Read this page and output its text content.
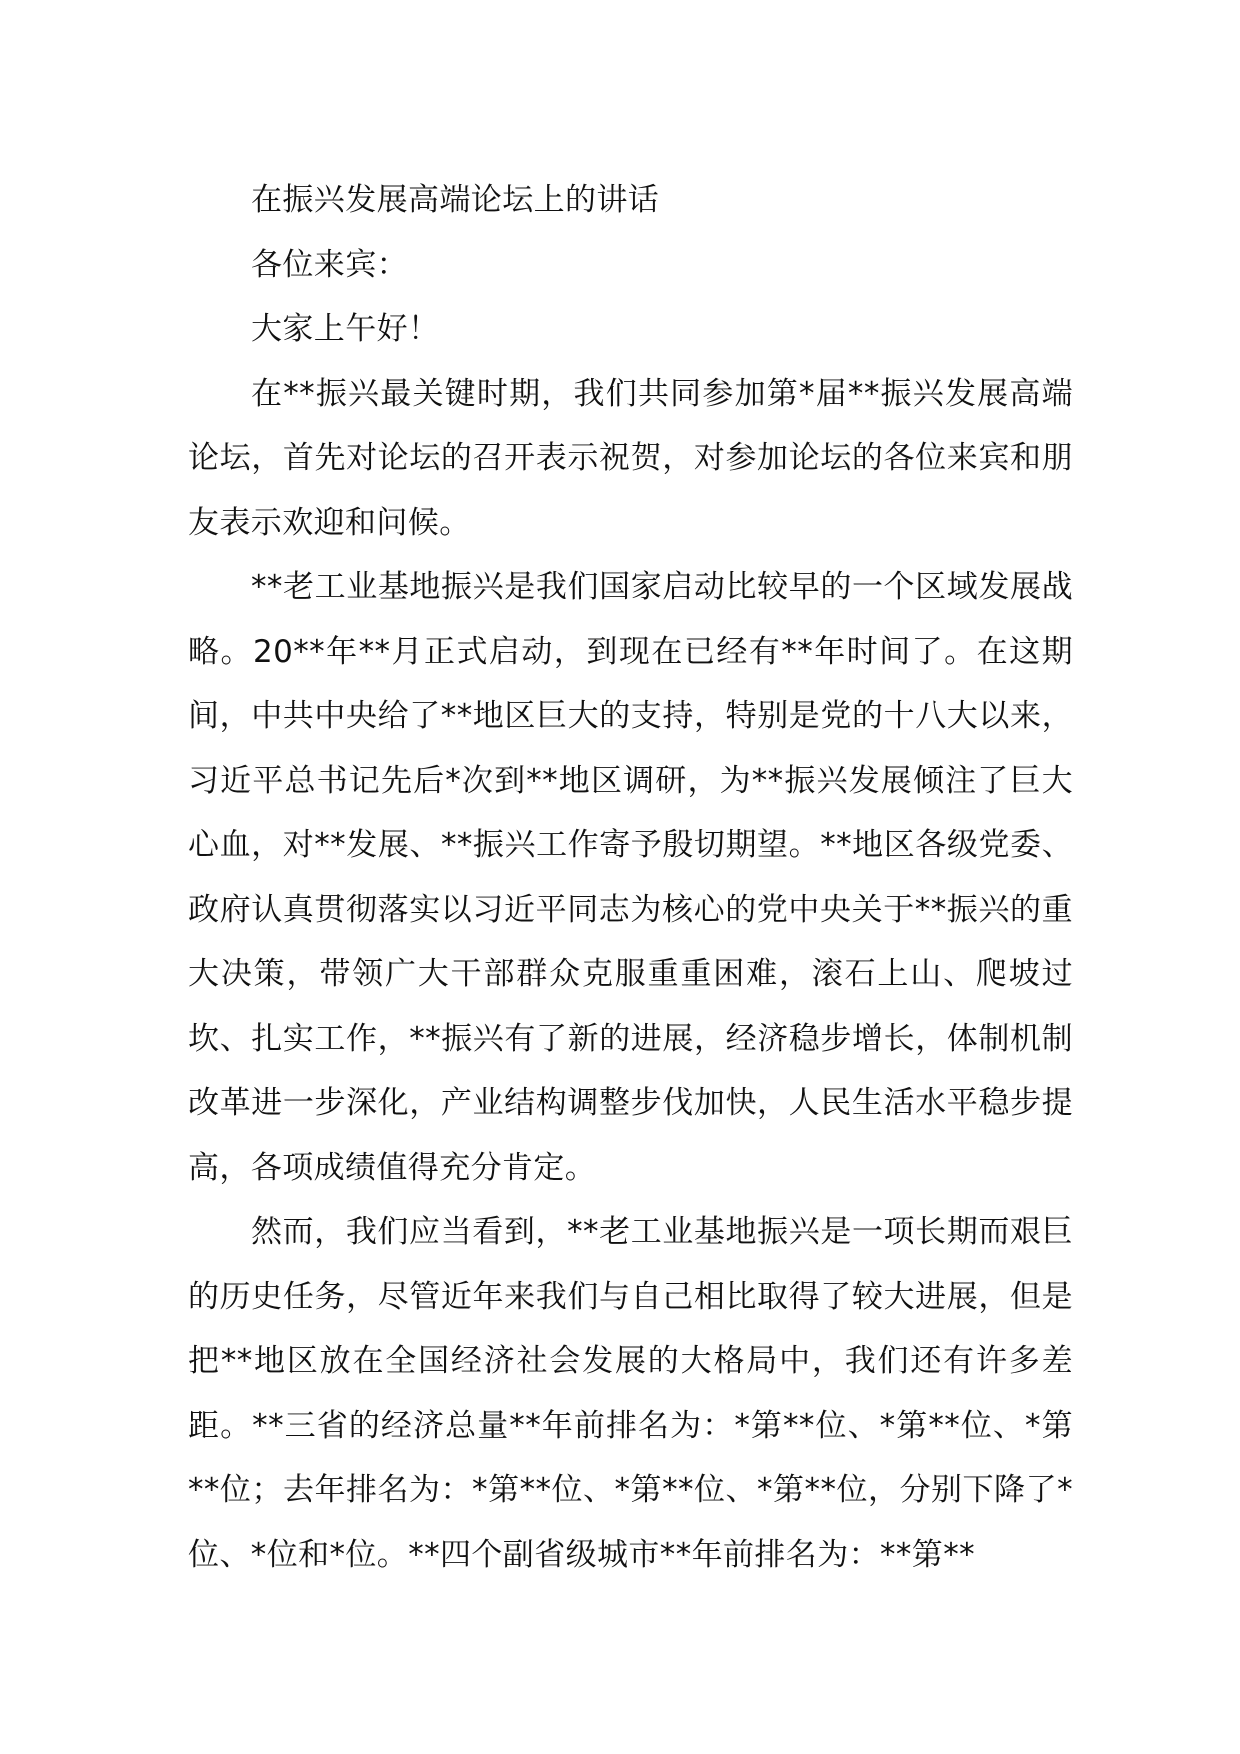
在振兴发展高端论坛上的讲话

各位来宾：

大家上午好！

在**振兴最关键时期，我们共同参加第*届**振兴发展高端论坛，首先对论坛的召开表示祝贺，对参加论坛的各位来宾和朋友表示欢迎和问候。

**老工业基地振兴是我们国家启动比较早的一个区域发展战略。20**年**月正式启动，到现在已经有**年时间了。在这期间，中共中央给了**地区巨大的支持，特别是党的十八大以来，习近平总书记先后*次到**地区调研，为**振兴发展倾注了巨大心血，对**发展、**振兴工作寄予殷切期望。**地区各级党委、政府认真贯彻落实以习近平同志为核心的党中央关于**振兴的重大决策，带领广大干部群众克服重重困难，滚石上山、爬坡过坎、扎实工作，**振兴有了新的进展，经济稳步增长，体制机制改革进一步深化，产业结构调整步伐加快，人民生活水平稳步提高，各项成绩值得充分肯定。

然而，我们应当看到，**老工业基地振兴是一项长期而艰巨的历史任务，尽管近年来我们与自己相比取得了较大进展，但是把**地区放在全国经济社会发展的大格局中，我们还有许多差距。**三省的经济总量**年前排名为：*第**位、*第**位、*第**位；去年排名为：*第**位、*第**位、*第**位，分别下降了*位、*位和*位。**四个副省级城市**年前排名为：**第**
